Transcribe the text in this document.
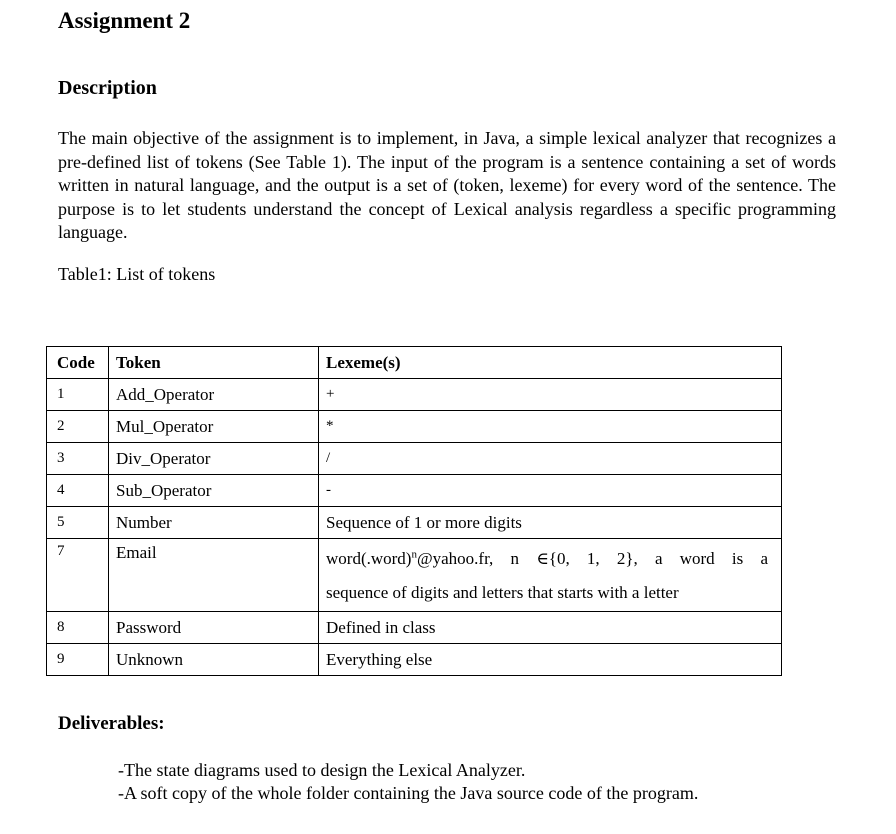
Assignment 2
Description

The main objective of the assignment is to implement, in Java, a simple lexical analyzer that recognizes a pre-defined list of tokens (See Table 1). The input of the program is a sentence containing a set of words written in natural language, and the output is a set of (token, lexeme) for every word of the sentence. The purpose is to let students understand the concept of Lexical analysis regardless a specific programming language.

Table1: List of tokens
Code	Token	Lexeme(s)
1	Add_Operator	+
2	Mul_Operator	*
3	Div_Operator	/
4	Sub_Operator	-
5	Number	Sequence of 1 or more digits
7	Email	word(.word)$^n$@yahoo.fr, n ∈{0, 1, 2}, a word is a
sequence of digits and letters that starts with a letter

8	Password	Defined in class
9	Unknown	Everything else
Deliverables:
-The state diagrams used to design the Lexical Analyzer.
-A soft copy of the whole folder containing the Java source code of the program.
